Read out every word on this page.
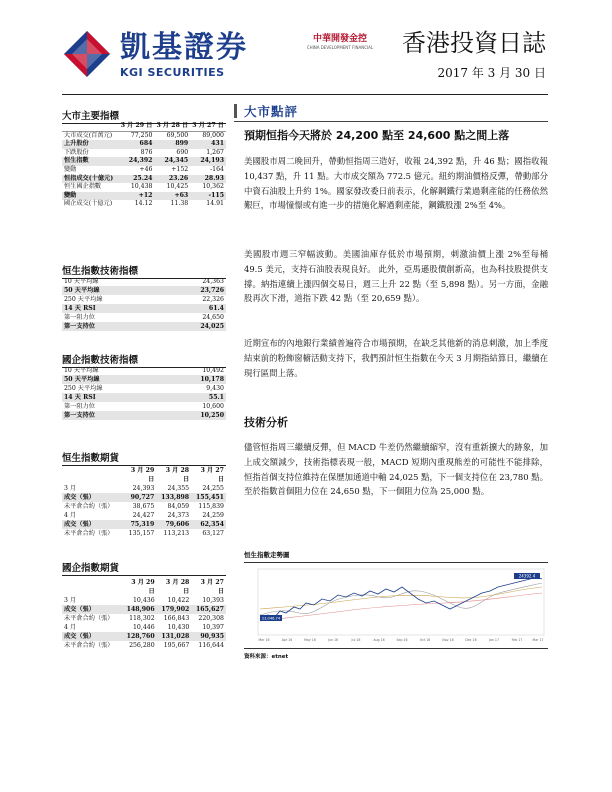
凱基證券
KGI SECURITIES
中華開發金控
CHINA DEVELOPMENT FINANCIAL 香港投資日誌
2017 年 3 月 30 日
大市主要指標
	3 月 29 日	3 月 28 日	3 月 27 日
大市成交(百萬元)	77,250	69,500	89,000
上升股份	684	899	431
下跌股份	876	690	1,267
恒生指數	24,392	24,345	24,193
變動	+46	+152	-164
恒指成交(十億元)	25.24	23.26	28.93
恒生國企指數	10,438	10,425	10,362
變動	+12	+63	-115
國企成交(十億元)	14.12	11.38	14.91
恒生指數技術指標
10 天平均線	24,363
50 天平均線	23,726
250 天平均線	22,326
14 天 RSI	61.4
第一阻力位	24,650
第一支持位	24,025
國企指數技術指標
10 天平均線	10,492
50 天平均線	10,178
250 天平均線	9,430
14 天 RSI	55.1
第一阻力位	10,600
第一支持位	10,250
恒生指數期貨
	3 月 29 日	3 月 28 日	3 月 27 日
3 月	24,393	24,355	24,255
成交（張）	90,727	133,898	155,451
未平倉合約（張）	38,675	84,059	115,839
4 月	24,427	24,373	24,259
成交（張）	75,319	79,606	62,354
未平倉合約（張）	135,157	113,213	63,127
國企指數期貨
	3 月 29 日	3 月 28 日	3 月 27 日
3 月	10,436	10,422	10,393
成交（張）	148,906	179,902	165,627
未平倉合約（張）	118,302	166,843	220,308
4 月	10,446	10,430	10,397
成交（張）	128,760	131,028	90,935
未平倉合約（張）	256,280	195,667	116,644
大市點評
預期恒指今天將於 24,200 點至 24,600 點之間上落
美國股市周二晚回升，帶動恒指周三造好，收報 24,392 點，升 46 點；國指收報 10,437 點，升 11 點。大市成交額為 772.5 億元。紐約期油價格反彈，帶動部分中資石油股上升約 1%。國家發改委日前表示，化解鋼鐵行業過剩產能的任務依然艱巨，市場憧憬或有進一步的措施化解過剩產能，鋼鐵股漲 2%至 4%。
美國股市週三窄幅波動。美國油庫存低於市場預期，刺激油價上漲 2%至每桶 49.5 美元，支持石油股表現良好。 此外，亞馬遜股價創新高，也為科技股提供支撐。納指連續上漲四個交易日，週三上升 22 點（至 5,898 點）。另一方面，金融股再次下滑，道指下跌 42 點（至 20,659 點）。
近期宣布的內地銀行業績普遍符合市場預期，在缺乏其他新的消息刺激，加上季度結束前的粉飾窗櫥活動支持下，我們預計恒生指數在今天 3 月期指結算日，繼續在現行區間上落。
技術分析
儘管恒指周三繼續反彈，但 MACD 牛差仍然繼續縮窄，沒有重新擴大的跡象，加上成交額減少，技術指標表現一般，MACD 短期內重現熊差的可能性不能排除，恒指首個支持位維持在保歷加通道中軸 24,025 點，下一個支持位在 23,780 點。至於指數首個阻力位在 24,650 點，下一個阻力位為 25,000 點。
恒生指數走勢圖
24392.4
23,046.74
Mar 16	Apr 16	May 16	Jun 16	Jul 16	Aug 16	Sep 16	Oct 16	Nov 16	Dec 16	Jan 17	Feb 17	Mar 17
資料來源：etnet
